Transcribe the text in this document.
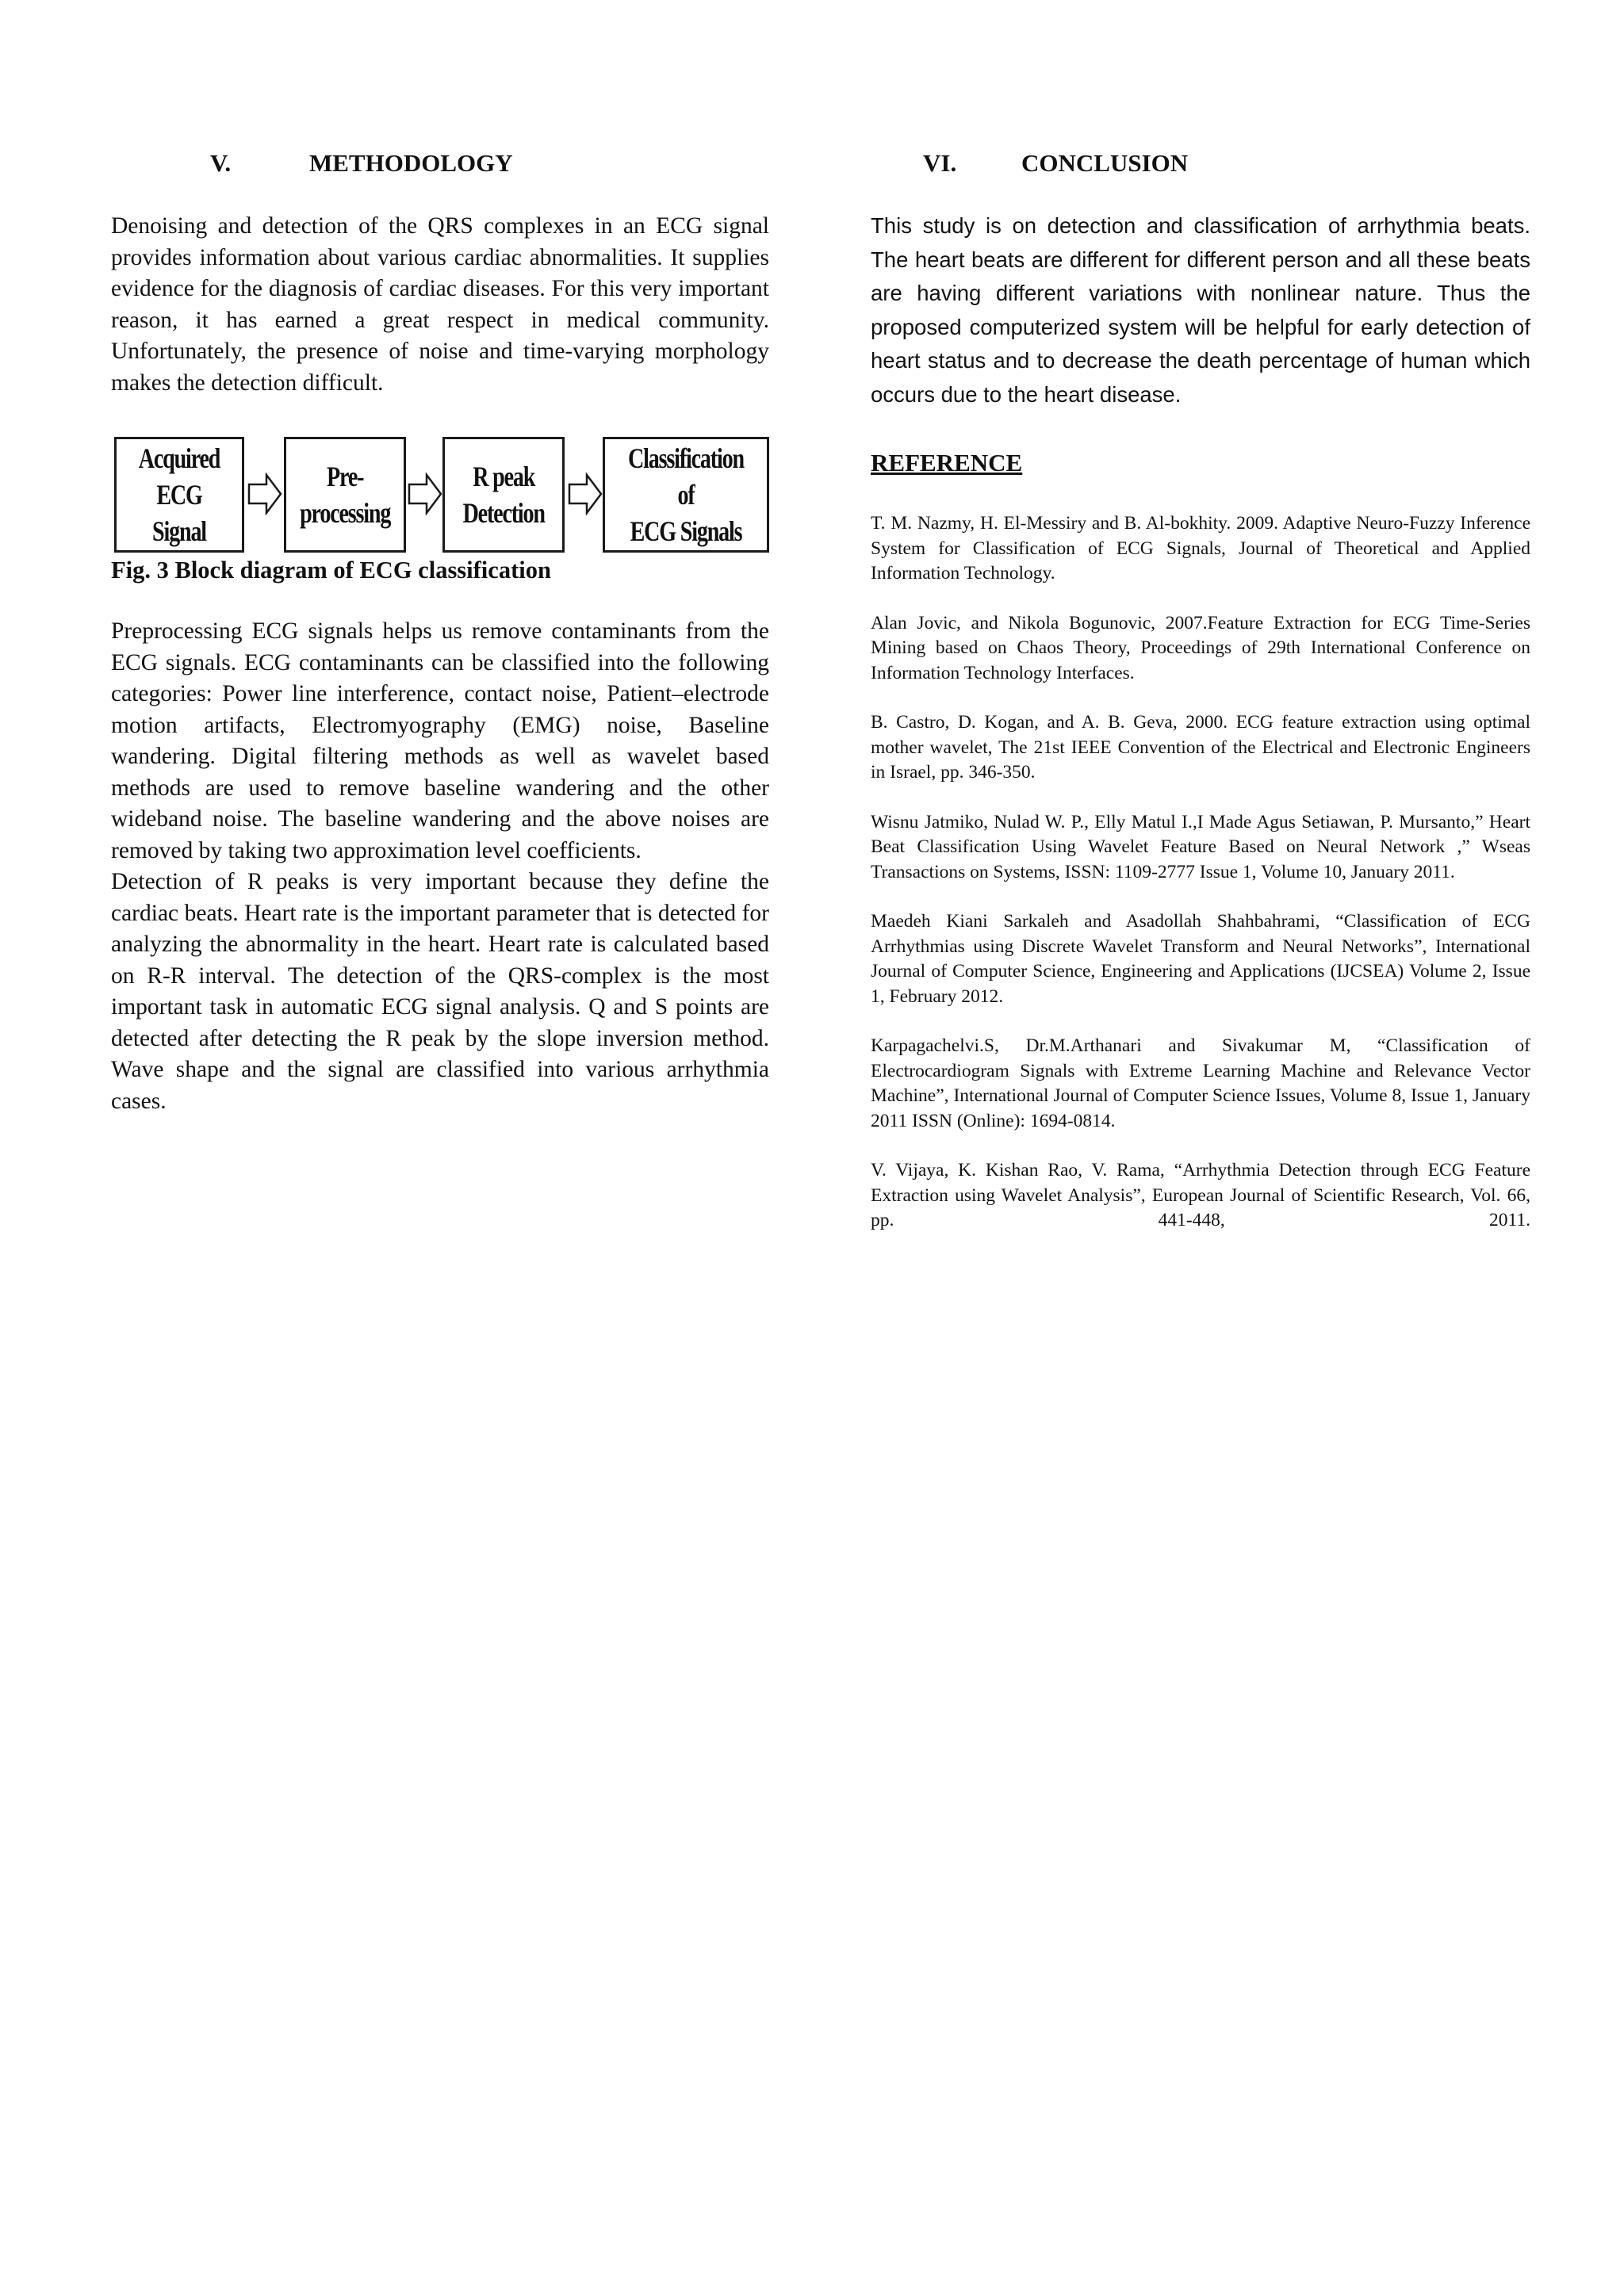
V.	METHODOLOGY

Denoising and detection of the QRS complexes in an ECG signal provides information about various cardiac abnormalities. It supplies evidence for the diagnosis of cardiac diseases. For this very important reason, it has earned a great respect in medical community. Unfortunately, the presence of noise and time-varying morphology makes the detection difficult.

Acquired
ECG Signal
Pre-
processing
R peak
Detection
Classification of
ECG Signals

Fig. 3 Block diagram of ECG classification

Preprocessing ECG signals helps us remove contaminants from the ECG signals. ECG contaminants can be classified into the following categories: Power line interference, contact noise, Patient–electrode motion artifacts, Electromyography (EMG) noise, Baseline wandering. Digital filtering methods as well as wavelet based methods are used to remove baseline wandering and the other wideband noise. The baseline wandering and the above noises are removed by taking two approximation level coefficients.

Detection of R peaks is very important because they define the cardiac beats. Heart rate is the important parameter that is detected for analyzing the abnormality in the heart. Heart rate is calculated based on R-R interval. The detection of the QRS-complex is the most important task in automatic ECG signal analysis. Q and S points are detected after detecting the R peak by the slope inversion method. Wave shape and the signal are classified into various arrhythmia cases.

VI.	CONCLUSION

This study is on detection and classification of arrhythmia beats. The heart beats are different for different person and all these beats are having different variations with nonlinear nature. Thus the proposed computerized system will be helpful for early detection of heart status and to decrease the death percentage of human which occurs due to the heart disease.

REFERENCE

T. M. Nazmy, H. El-Messiry and B. Al-bokhity. 2009. Adaptive Neuro-Fuzzy Inference System for Classification of ECG Signals, Journal of Theoretical and Applied Information Technology.

Alan Jovic, and Nikola Bogunovic, 2007.Feature Extraction for ECG Time-Series Mining based on Chaos Theory, Proceedings of 29th International Conference on Information Technology Interfaces.

B. Castro, D. Kogan, and A. B. Geva, 2000. ECG feature extraction using optimal mother wavelet, The 21st IEEE Convention of the Electrical and Electronic Engineers in Israel, pp. 346-350.

Wisnu Jatmiko, Nulad W. P., Elly Matul I.,I Made Agus Setiawan, P. Mursanto,” Heart Beat Classification Using Wavelet Feature Based on Neural Network ,” Wseas Transactions on Systems, ISSN: 1109-2777 Issue 1, Volume 10, January 2011.

Maedeh Kiani Sarkaleh and Asadollah Shahbahrami, “Classification of ECG Arrhythmias using Discrete Wavelet Transform and Neural Networks”, International Journal of Computer Science, Engineering and Applications (IJCSEA) Volume 2, Issue 1, February 2012.

Karpagachelvi.S, Dr.M.Arthanari and Sivakumar M, “Classification of Electrocardiogram Signals with Extreme Learning Machine and Relevance Vector Machine”, International Journal of Computer Science Issues, Volume 8, Issue 1, January 2011 ISSN (Online): 1694-0814.

V. Vijaya, K. Kishan Rao, V. Rama, “Arrhythmia Detection through ECG Feature Extraction using Wavelet Analysis”, European Journal of Scientific Research, Vol. 66, pp. 441-448, 2011.
